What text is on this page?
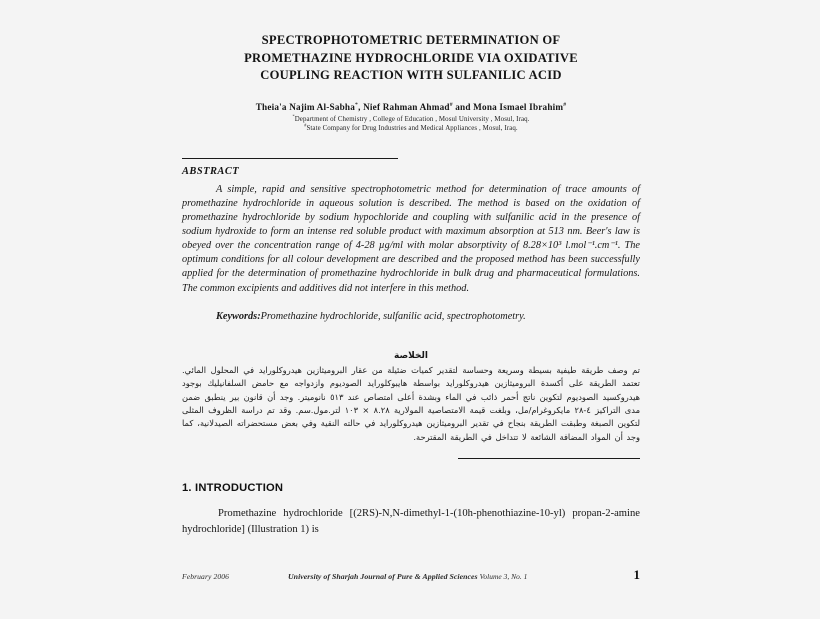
SPECTROPHOTOMETRIC DETERMINATION OF
PROMETHAZINE HYDROCHLORIDE VIA OXIDATIVE
COUPLING REACTION WITH SULFANILIC ACID
Theia'a Najim Al-Sabha*, Nief Rahman Ahmad# and Mona Ismael Ibrahim#
*Department of Chemistry , College of Education , Mosul University , Mosul, Iraq.
#State Company for Drug Industries and Medical Appliances , Mosul, Iraq.
ABSTRACT

A simple, rapid and sensitive spectrophotometric method for determination of trace amounts of promethazine hydrochloride in aqueous solution is described. The method is based on the oxidation of promethazine hydrochloride by sodium hypochloride and coupling with sulfanilic acid in the presence of sodium hydroxide to form an intense red soluble product with maximum absorption at 513 nm. Beer's law is obeyed over the concentration range of 4-28 µg/ml with molar absorptivity of 8.28×10³ l.mol⁻¹.cm⁻¹. The optimum conditions for all colour development are described and the proposed method has been successfully applied for the determination of promethazine hydrochloride in bulk drug and pharmaceutical formulations. The common excipients and additives did not interfere in this method.

Keywords:Promethazine hydrochloride, sulfanilic acid, spectrophotometry.

الخلاصة

تم وصف طريقة طيفية بسيطة وسريعة وحساسة لتقدير كميات ضئيلة من عقار البروميثازين هيدروكلورايد في المحلول المائي. تعتمد الطريقة على أكسدة البروميثازين هيدروكلورايد بواسطة هايبوكلورايد الصوديوم وازدواجه مع حامض السلفانيليك بوجود هيدروكسيد الصوديوم لتكوين ناتج أحمر ذائب في الماء وبشدة أعلى امتصاص عند ٥١٣ نانوميتر. وجد أن قانون بير ينطبق ضمن مدى التراكيز ٤-٢٨ مايكروغرام/مل، وبلغت قيمة الامتصاصية المولارية ٨.٢٨ × ١٠٣ لتر.مول.سم. وقد تم دراسة الظروف المثلى لتكوين الصبغة وطبقت الطريقة بنجاح في تقدير البروميثازين هيدروكلورايد في حالته النقية وفي بعض مستحضراته الصيدلانية، كما وجد أن المواد المضافة الشائعة لا تتداخل في الطريقة المقترحة.

1. INTRODUCTION

Promethazine hydrochloride [(2RS)-N,N-dimethyl-1-(10h-phenothiazine-10-yl) propan-2-amine hydrochloride] (Illustration 1) is

February 2006	University of Sharjah Journal of Pure & Applied Sciences Volume 3, No. 1	1
